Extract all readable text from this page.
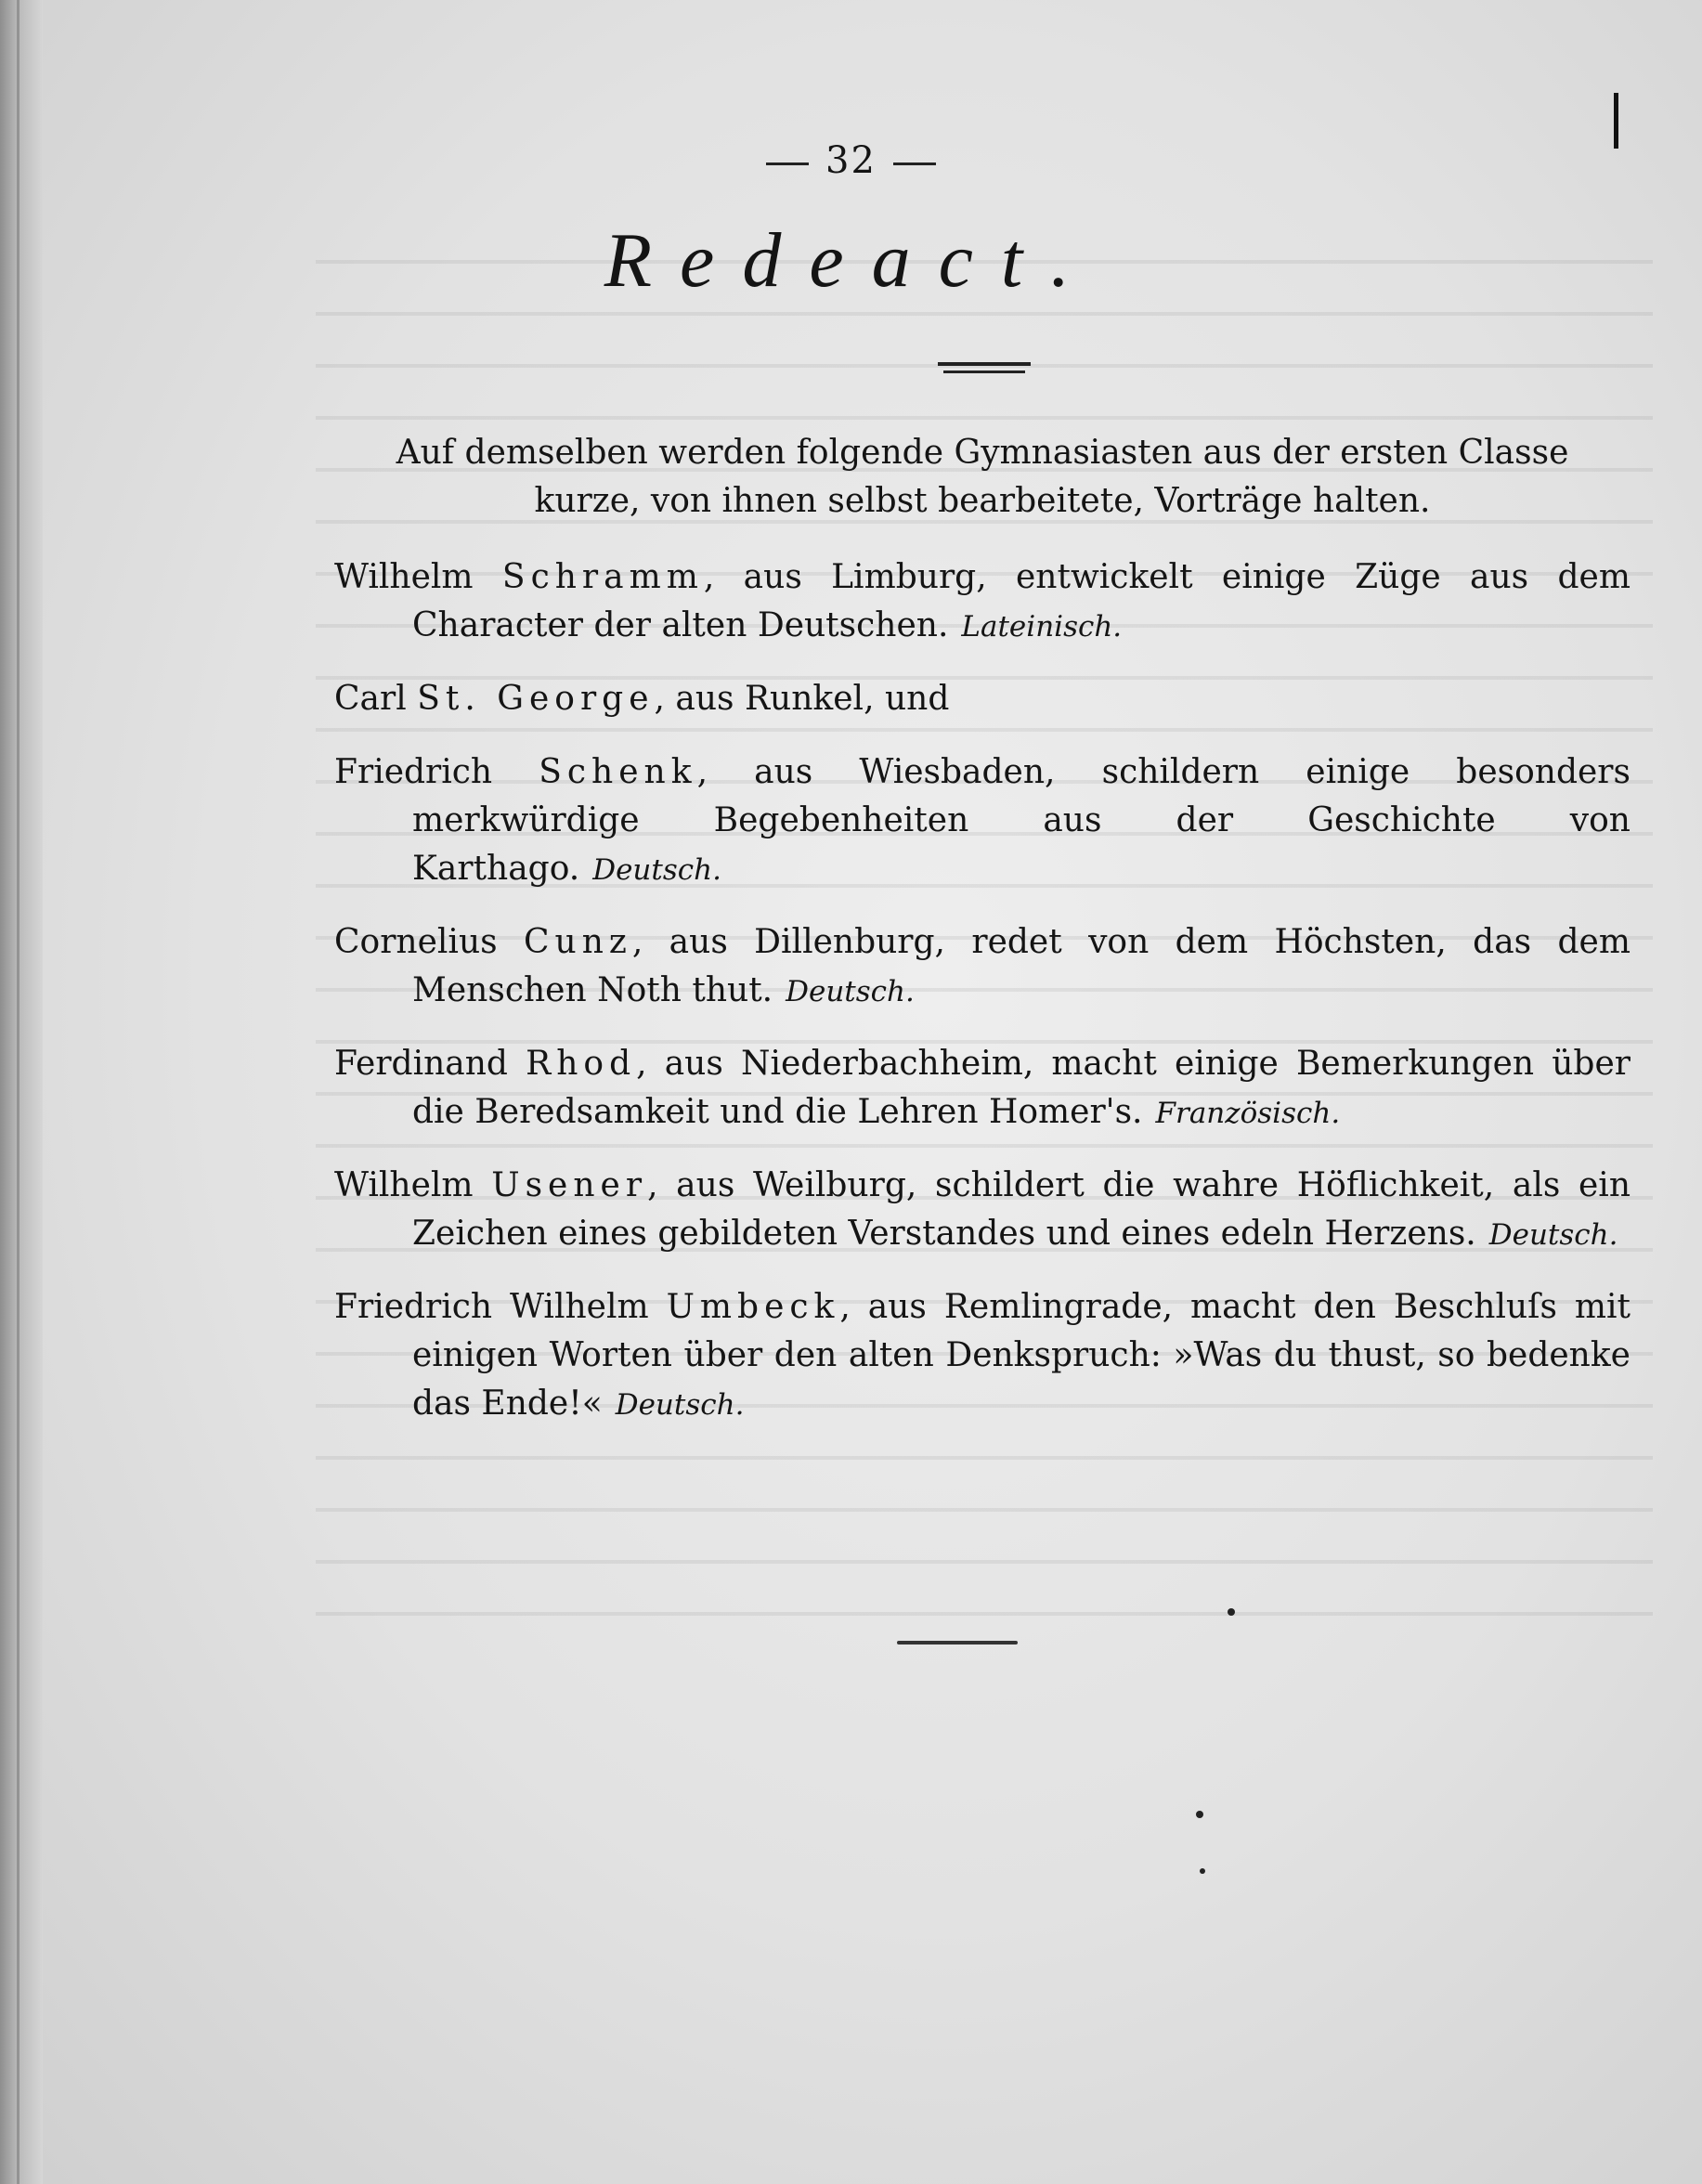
32
Redeact.

Auf demselben werden folgende Gymnasiasten aus der ersten Classe

kurze, von ihnen selbst bearbeitete, Vorträge halten.

Wilhelm Schramm, aus Limburg, entwickelt einige Züge aus dem Character der alten Deutschen. Lateinisch.

Carl St. George, aus Runkel, und

Friedrich Schenk, aus Wiesbaden, schildern einige besonders merkwürdige Begebenheiten aus der Geschichte von Karthago. Deutsch.

Cornelius Cunz, aus Dillenburg, redet von dem Höchsten, das dem Menschen Noth thut. Deutsch.

Ferdinand Rhod, aus Niederbachheim, macht einige Bemerkungen über die Beredsamkeit und die Lehren Homer's. Französisch.

Wilhelm Usener, aus Weilburg, schildert die wahre Höflichkeit, als ein Zeichen eines gebildeten Verstandes und eines edeln Herzens. Deutsch.

Friedrich Wilhelm Umbeck, aus Remlingrade, macht den Beschluſs mit einigen Worten über den alten Denkspruch: »Was du thust, so bedenke das Ende!« Deutsch.
